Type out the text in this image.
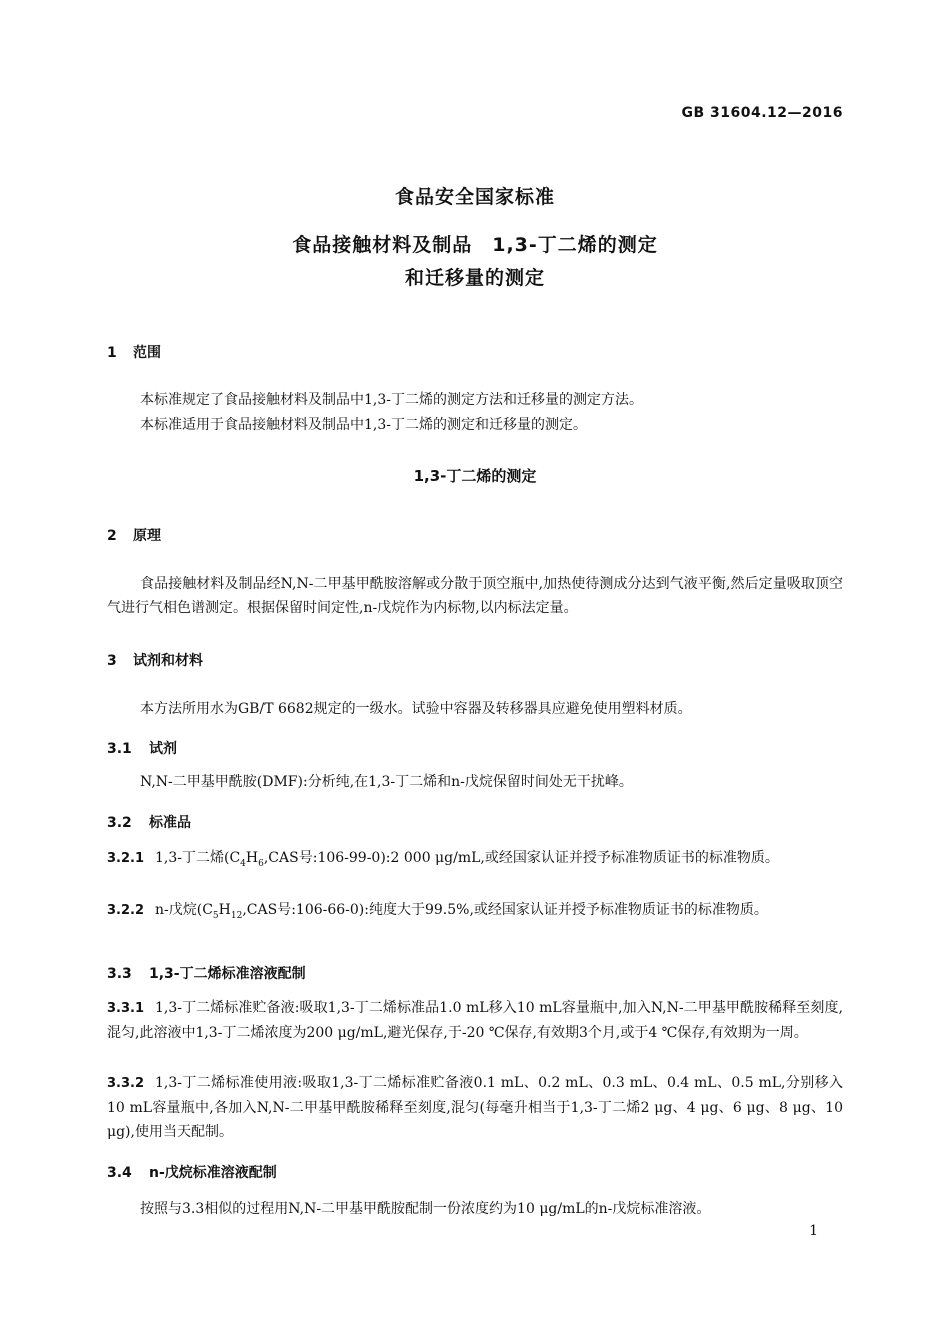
GB 31604.12—2016
食品安全国家标准
食品接触材料及制品　1,3-丁二烯的测定
和迁移量的测定
1 范围
本标准规定了食品接触材料及制品中1,3-丁二烯的测定方法和迁移量的测定方法。
本标准适用于食品接触材料及制品中1,3-丁二烯的测定和迁移量的测定。
1,3-丁二烯的测定
2 原理
食品接触材料及制品经N,N-二甲基甲酰胺溶解或分散于顶空瓶中,加热使待测成分达到气液平衡,然后定量吸取顶空气进行气相色谱测定。根据保留时间定性,n-戊烷作为内标物,以内标法定量。
3 试剂和材料
本方法所用水为GB/T 6682规定的一级水。试验中容器及转移器具应避免使用塑料材质。
3.1 试剂
N,N-二甲基甲酰胺(DMF):分析纯,在1,3-丁二烯和n-戊烷保留时间处无干扰峰。
3.2 标准品
3.2.1 1,3-丁二烯($C_4H_6,CAS$号:106-99-0):2 000 μg/mL,或经国家认证并授予标准物质证书的标准物质。
3.2.2 n-戊烷($C_5H_{12},CAS$号:106-66-0):纯度大于99.5%,或经国家认证并授予标准物质证书的标准物质。
3.3 1,3-丁二烯标准溶液配制
3.3.1 1,3-丁二烯标准贮备液:吸取1,3-丁二烯标准品1.0 mL移入10 mL容量瓶中,加入N,N-二甲基甲酰胺稀释至刻度,混匀,此溶液中1,3-丁二烯浓度为200 μg/mL,避光保存,于-20 ℃保存,有效期3个月,或于4 ℃保存,有效期为一周。
3.3.2 1,3-丁二烯标准使用液:吸取1,3-丁二烯标准贮备液0.1 mL、0.2 mL、0.3 mL、0.4 mL、0.5 mL,分别移入10 mL容量瓶中,各加入N,N-二甲基甲酰胺稀释至刻度,混匀(每毫升相当于1,3-丁二烯2 μg、4 μg、6 μg、8 μg、10 μg),使用当天配制。
3.4 n-戊烷标准溶液配制
按照与3.3相似的过程用N,N-二甲基甲酰胺配制一份浓度约为10 μg/mL的n-戊烷标准溶液。
1
